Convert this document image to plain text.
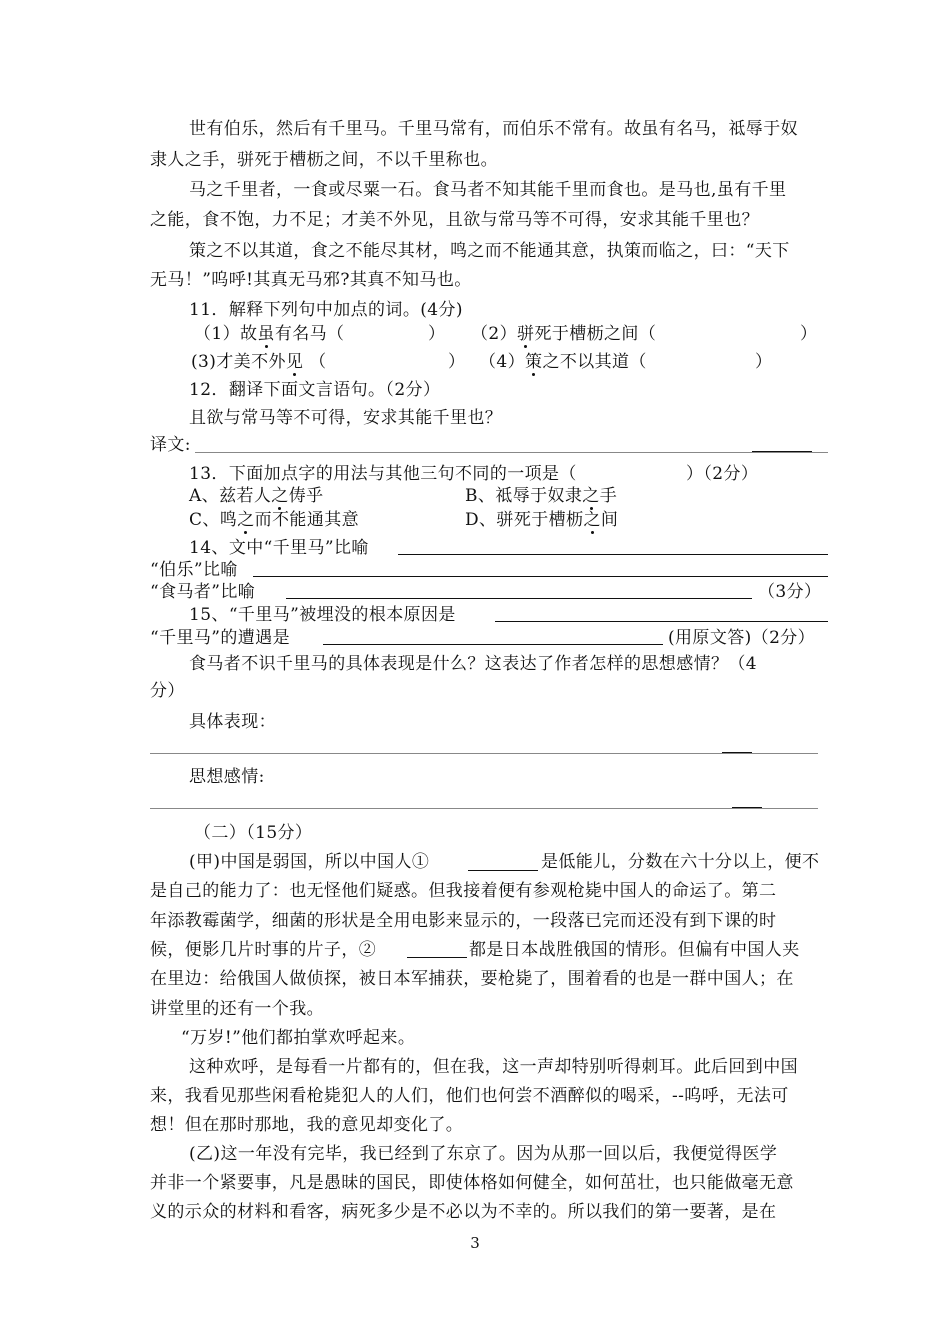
世有伯乐，然后有千里马。千里马常有，而伯乐不常有。故虽有名马，祗辱于奴
隶人之手，骈死于槽枥之间，不以千里称也。
马之千里者，一食或尽粟一石。食马者不知其能千里而食也。是马也,虽有千里
之能，食不饱，力不足；才美不外见，且欲与常马等不可得，安求其能千里也？
策之不以其道，食之不能尽其材，鸣之而不能通其意，执策而临之，曰：“天下
无马！”呜呼!其真无马邪?其真不知马也。
11．解释下列句中加点的词。(4分)
（1）故虽有名马（	） （2）骈死于槽枥之间（	）
(3)才美不外见 （	） （4）策之不以其道（	）
12．翻译下面文言语句。（2分）
且欲与常马等不可得，安求其能千里也？
译文:
13．下面加点字的用法与其他三句不同的一项是（	）（2分）
A、兹若人之俦乎	B、祗辱于奴隶之手
C、鸣之而不能通其意	D、骈死于槽枥之间
14、文中“千里马”比喻
“伯乐”比喻
“食马者”比喻	（3分）
15、“千里马”被埋没的根本原因是
“千里马”的遭遇是	(用原文答)（2分）
食马者不识千里马的具体表现是什么？这表达了作者怎样的思想感情？（4
分）
具体表现：
思想感情:
（二）（15分）
(甲)中国是弱国，所以中国人①	是低能儿，分数在六十分以上，便不
是自己的能力了：也无怪他们疑惑。但我接着便有参观枪毙中国人的命运了。第二
年添教霉菌学，细菌的形状是全用电影来显示的，一段落已完而还没有到下课的时
候，便影几片时事的片子，②	都是日本战胜俄国的情形。但偏有中国人夹
在里边：给俄国人做侦探，被日本军捕获，要枪毙了，围着看的也是一群中国人；在
讲堂里的还有一个我。
“万岁!”他们都拍掌欢呼起来。
这种欢呼，是每看一片都有的，但在我，这一声却特别听得刺耳。此后回到中国
来，我看见那些闲看枪毙犯人的人们，他们也何尝不酒醉似的喝采，--呜呼，无法可
想！但在那时那地，我的意见却变化了。
(乙)这一年没有完毕，我已经到了东京了。因为从那一回以后，我便觉得医学
并非一个紧要事，凡是愚昧的国民，即使体格如何健全，如何茁壮，也只能做毫无意
义的示众的材料和看客，病死多少是不必以为不幸的。所以我们的第一要著，是在
3
